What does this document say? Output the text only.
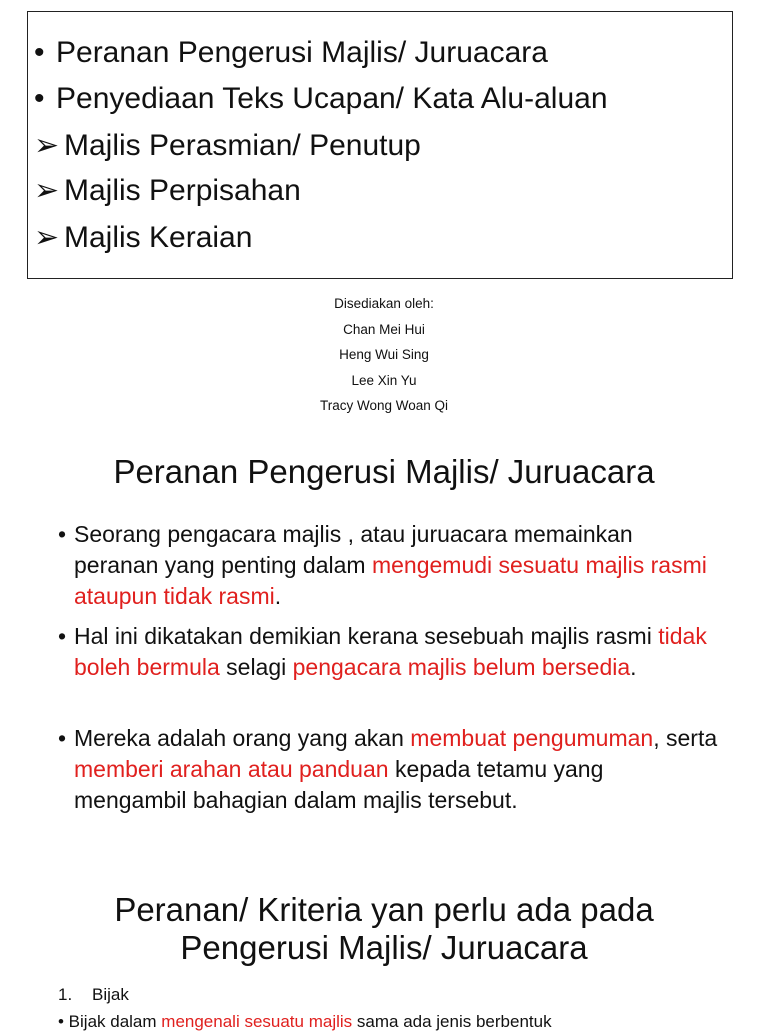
• Peranan Pengerusi Majlis/ Juruacara
• Penyediaan Teks Ucapan/ Kata Alu-aluan
➢ Majlis Perasmian/ Penutup
➢ Majlis Perpisahan
➢ Majlis Keraian
Disediakan oleh:
Chan Mei Hui
Heng Wui Sing
Lee Xin Yu
Tracy Wong Woan Qi
Peranan Pengerusi Majlis/ Juruacara
• Seorang pengacara majlis , atau juruacara memainkan peranan yang penting dalam mengemudi sesuatu majlis rasmi ataupun tidak rasmi.
• Hal ini dikatakan demikian kerana sesebuah majlis rasmi tidak boleh bermula selagi pengacara majlis belum bersedia.
• Mereka adalah orang yang akan membuat pengumuman, serta memberi arahan atau panduan kepada tetamu yang mengambil bahagian dalam majlis tersebut.
Peranan/ Kriteria yan perlu ada pada
Pengerusi Majlis/ Juruacara
1. Bijak
• Bijak dalam mengenali sesuatu majlis sama ada jenis berbentuk
